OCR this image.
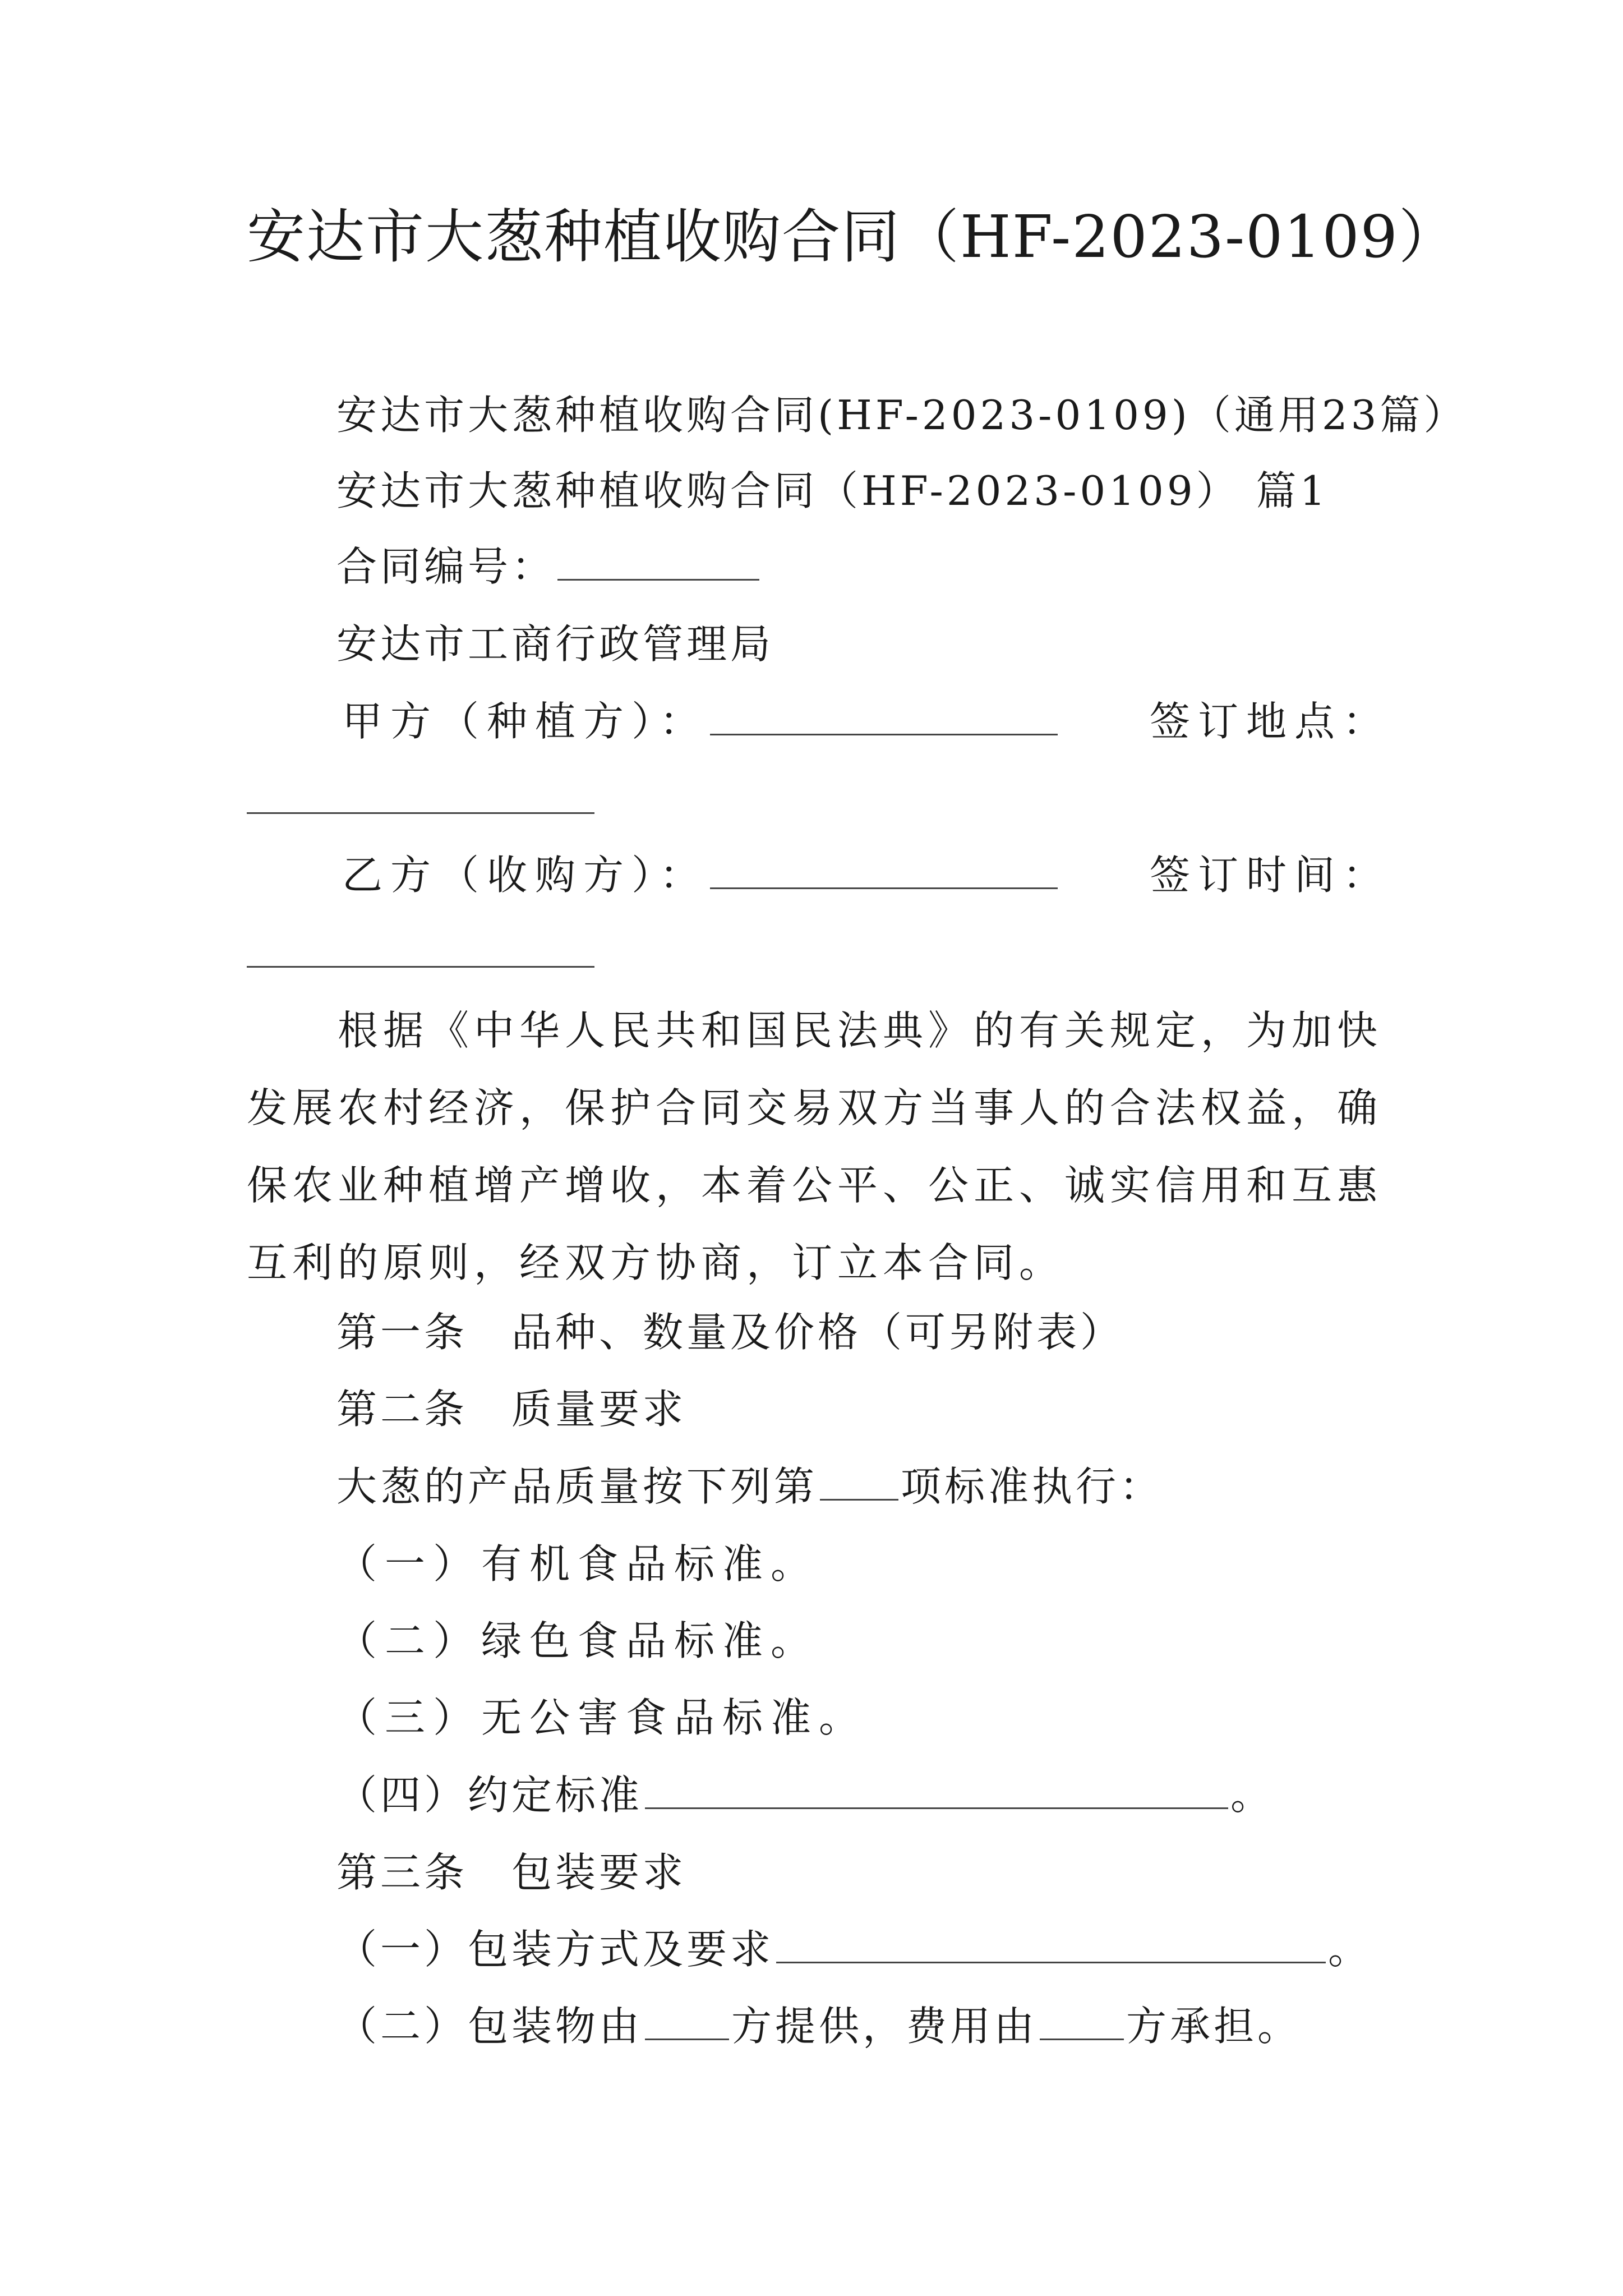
安达市大葱种植收购合同（HF-2023-0109）
安达市大葱种植收购合同(HF-2023-0109)（通用23篇）
安达市大葱种植收购合同（HF-2023-0109） 篇1
合同编号：
安达市工商行政管理局
甲方（种植方）：	签订地点：
乙方（收购方）：	签订时间：
根据《中华人民共和国民法典》的有关规定，为加快发展农村经济，保护合同交易双方当事人的合法权益，确保农业种植增产增收，本着公平、公正、诚实信用和互惠互利的原则，经双方协商，订立本合同。
第一条　品种、数量及价格（可另附表）
第二条　质量要求
大葱的产品质量按下列第 项标准执行：
（一）有机食品标准。
（二）绿色食品标准。
（三）无公害食品标准。
（四）约定标准	。
第三条　包装要求
（一）包装方式及要求	。
（二）包装物由 方提供，费用由 方承担。
